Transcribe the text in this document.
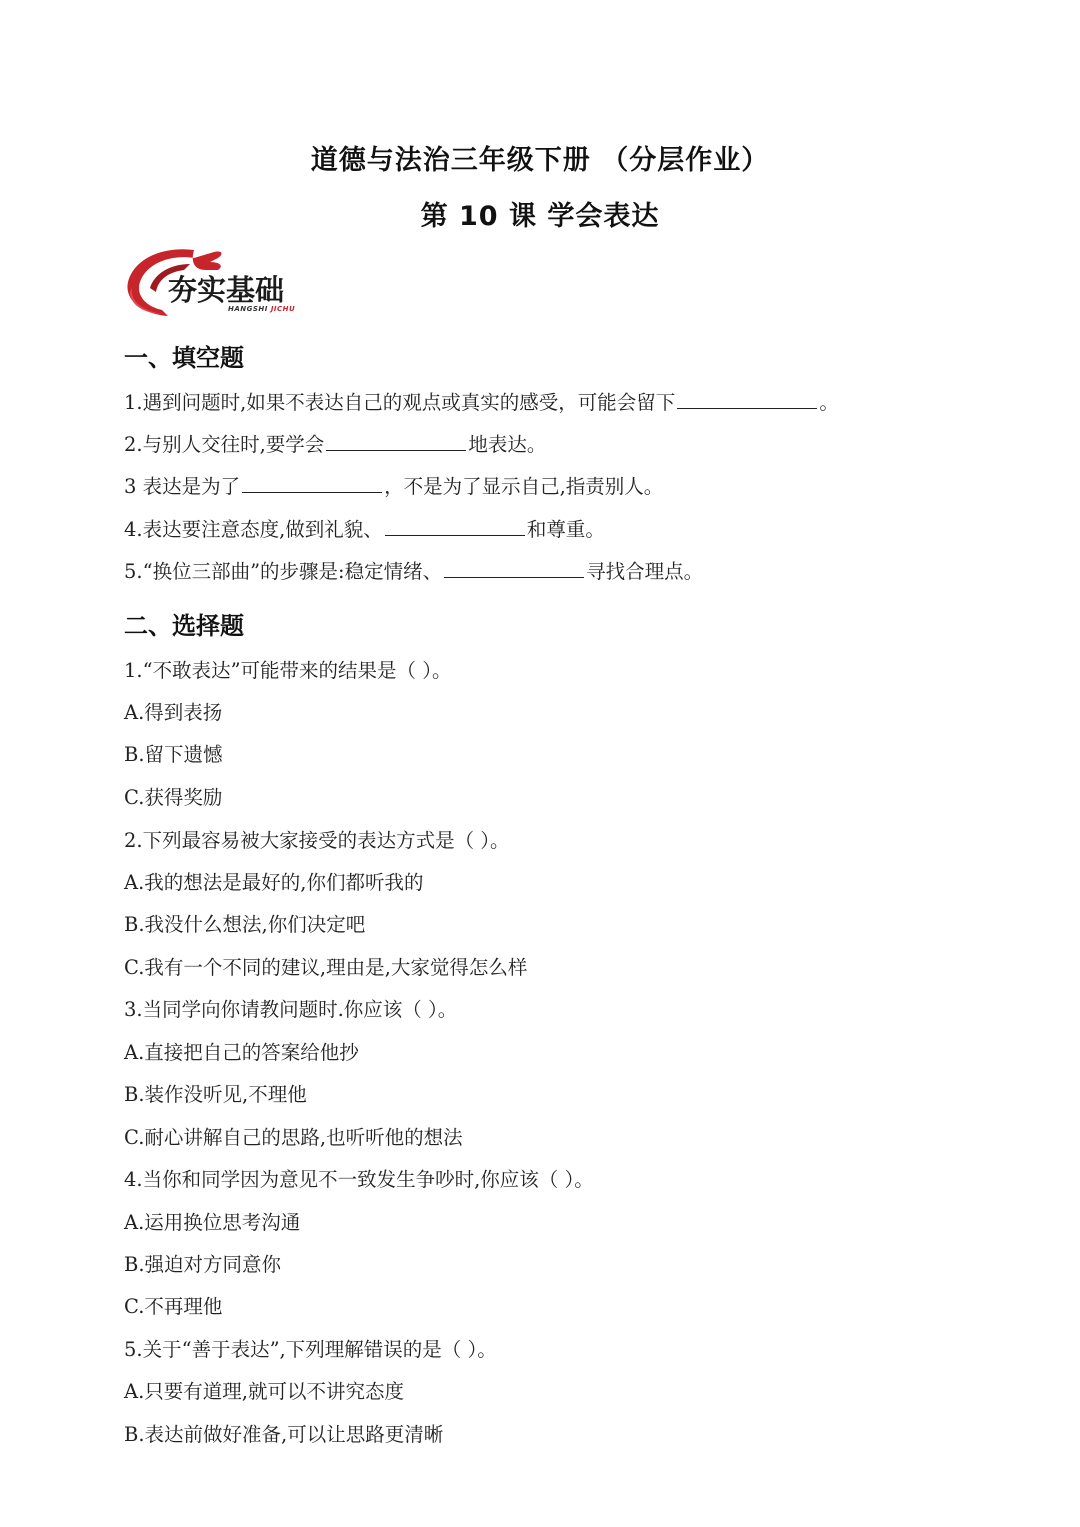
道德与法治三年级下册 （分层作业）
第 10 课 学会表达
夯实基础
HANGSHI JICHU
一、填空题
1.遇到问题时,如果不表达自己的观点或真实的感受，可能会留下	。
2.与别人交往时,要学会	地表达。
3 表达是为了	，不是为了显示自己,指责别人。
4.表达要注意态度,做到礼貌、	和尊重。
5.“换位三部曲”的步骤是:稳定情绪、	寻找合理点。
二、选择题
1.“不敢表达”可能带来的结果是（ ）。
A.得到表扬
B.留下遗憾
C.获得奖励
2.下列最容易被大家接受的表达方式是（ ）。
A.我的想法是最好的,你们都听我的
B.我没什么想法,你们决定吧
C.我有一个不同的建议,理由是,大家觉得怎么样
3.当同学向你请教问题时.你应该（ ）。
A.直接把自己的答案给他抄
B.装作没听见,不理他
C.耐心讲解自己的思路,也听听他的想法
4.当你和同学因为意见不一致发生争吵时,你应该（ ）。
A.运用换位思考沟通
B.强迫对方同意你
C.不再理他
5.关于“善于表达”,下列理解错误的是（ ）。
A.只要有道理,就可以不讲究态度
B.表达前做好准备,可以让思路更清晰
